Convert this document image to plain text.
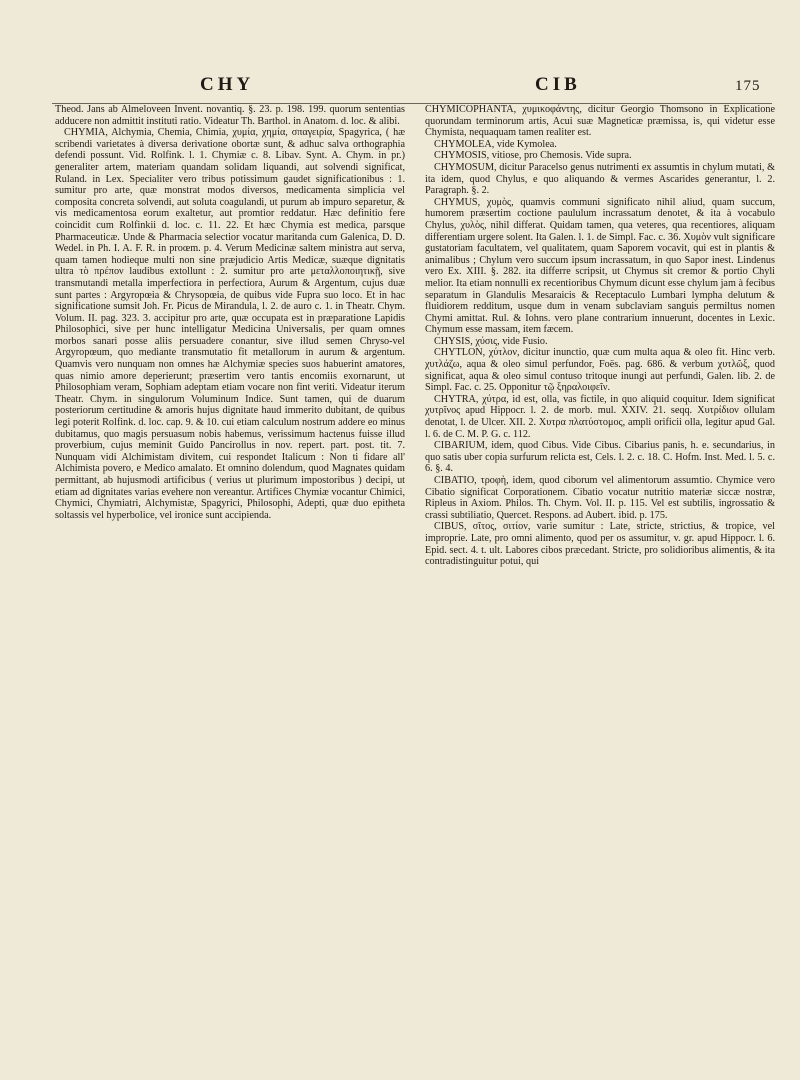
CHY	CIB	175

Theod. Jans ab Almeloveen Invent. novantiq. §. 23. p. 198. 199. quorum sententias adducere non admittit instituti ratio. Videatur Th. Barthol. in Anatom. d. loc. & alibi.

CHYMIA, Alchymia, Chemia, Chimia, χυμία, χημία, σπαγειρία, Spagyrica, ( hæ scribendi varietates à diversa derivatione obortæ sunt, & adhuc salva orthographia defendi possunt. Vid. Rolfink. l. 1. Chymiæ c. 8. Libav. Synt. A. Chym. in pr.) generaliter artem, materiam quandam solidam liquandi, aut solvendi significat, Ruland. in Lex. Specialiter vero tribus potissimum gaudet significationibus : 1. sumitur pro arte, quæ monstrat modos diversos, medicamenta simplicia vel composita concreta solvendi, aut soluta coagulandi, ut purum ab impuro separetur, & vis medicamentosa eorum exaltetur, aut promtior reddatur. Hæc definitio fere coincidit cum Rolfinkii d. loc. c. 11. 22. Et hæc Chymia est medica, parsque Pharmaceuticæ. Unde & Pharmacia selectior vocatur maritanda cum Galenica, D. D. Wedel. in Ph. I. A. F. R. in proœm. p. 4. Verum Medicinæ saltem ministra aut serva, quam tamen hodieque multi non sine præjudicio Artis Medicæ, suæque dignitatis ultra τὸ πρέπον laudibus extollunt : 2. sumitur pro arte μεταλλοποιητικῇ, sive transmutandi metalla imperfectiora in perfectiora, Aurum & Argentum, cujus duæ sunt partes : Argyropœia & Chrysopœia, de quibus vide Fupra suo loco. Et in hac significatione sumsit Joh. Fr. Picus de Mirandula, l. 2. de auro c. 1. in Theatr. Chym. Volum. II. pag. 323. 3. accipitur pro arte, quæ occupata est in præparatione Lapidis Philosophici, sive per hunc intelligatur Medicina Universalis, per quam omnes morbos sanari posse aliis persuadere conantur, sive illud semen Chryso-vel Argyropœum, quo mediante transmutatio fit metallorum in aurum & argentum. Quamvis vero nunquam non omnes hæ Alchymiæ species suos habuerint amatores, quas nimio amore deperierunt; præsertim vero tantis encomiis exornarunt, ut Philosophiam veram, Sophiam adeptam etiam vocare non fint veriti. Videatur iterum Theatr. Chym. in singulorum Voluminum Indice. Sunt tamen, qui de duarum posteriorum certitudine & amoris hujus dignitate haud immerito dubitant, de quibus legi poterit Rolfink. d. loc. cap. 9. & 10. cui etiam calculum nostrum addere eo minus dubitamus, quo magis persuasum nobis habemus, verissimum hactenus fuisse illud proverbium, cujus meminit Guido Pancirollus in nov. repert. part. post. tit. 7. Nunquam vidi Alchimistam divitem, cui respondet Italicum : Non ti fidare all' Alchimista povero, e Medico amalato. Et omnino dolendum, quod Magnates quidam permittant, ab hujusmodi artificibus ( verius ut plurimum impostoribus ) decipi, ut etiam ad dignitates varias evehere non vereantur. Artifices Chymiæ vocantur Chimici, Chymici, Chymiatri, Alchymistæ, Spagyrici, Philosophi, Adepti, quæ duo epitheta soltassis vel hyperbolice, vel ironice sunt accipienda.

CHYMICOPHANTA, χυμικοφάντης, dicitur Georgio Thomsono in Explicatione quorundam terminorum artis, Acui suæ Magneticæ præmissa, is, qui videtur esse Chymista, nequaquam tamen realiter est.

CHYMOLEA, vide Kymolea.

CHYMOSIS, vitiose, pro Chemosis. Vide supra.

CHYMOSUM, dicitur Paracelso genus nutrimenti ex assumtis in chylum mutati, & ita idem, quod Chylus, e quo aliquando & vermes Ascarides generantur, l. 2. Paragraph. §. 2.

CHYMUS, χυμὸς, quamvis communi significato nihil aliud, quam succum, humorem præsertim coctione paululum incrassatum denotet, & ita à vocabulo Chylus, χυλὸς, nihil differat. Quidam tamen, qua veteres, qua recentiores, aliquam differentiam urgere solent. Ita Galen. l. 1. de Simpl. Fac. c. 36. Χυμὸν vult significare gustatoriam facultatem, vel qualitatem, quam Saporem vocavit, qui est in plantis & animalibus ; Chylum vero succum ipsum incrassatum, in quo Sapor inest. Lindenus vero Ex. XIII. §. 282. ita differre scripsit, ut Chymus sit cremor & portio Chyli melior. Ita etiam nonnulli ex recentioribus Chymum dicunt esse chylum jam à fecibus separatum in Glandulis Mesaraicis & Receptaculo Lumbari lympha delutum & fluidiorem redditum, usque dum in venam subclaviam sanguis permiltus nomen Chymi amittat. Rul. & Iohns. vero plane contrarium innuerunt, docentes in Lexic. Chymum esse massam, item fæcem.

CHYSIS, χύσις, vide Fusio.

CHYTLON, χύτλον, dicitur inunctio, quæ cum multa aqua & oleo fit. Hinc verb. χυτλάζω, aqua & oleo simul perfundor, Foës. pag. 686. & verbum χυτλῶξ, quod significat, aqua & oleo simul contuso tritoque inungi aut perfundi, Galen. lib. 2. de Simpl. Fac. c. 25. Opponitur τῷ ξηραλοιφεῖν.

CHYTRA, χύτρα, id est, olla, vas fictile, in quo aliquid coquitur. Idem significat χυτρῖνος apud Hippocr. l. 2. de morb. mul. XXIV. 21. seqq. Χυτρίδιον ollulam denotat, l. de Ulcer. XII. 2. Χυτρα πλατύστομος, ampli orificii olla, legitur apud Gal. l. 6. de C. M. P. G. c. 112.

CIBARIUM, idem, quod Cibus. Vide Cibus. Cibarius panis, h. e. secundarius, in quo satis uber copia surfurum relicta est, Cels. l. 2. c. 18. C. Hofm. Inst. Med. l. 5. c. 6. §. 4.

CIBATIO, τροφὴ, idem, quod ciborum vel alimentorum assumtio. Chymice vero Cibatio significat Corporationem. Cibatio vocatur nutritio materiæ siccæ nostræ, Ripleus in Axiom. Philos. Th. Chym. Vol. II. p. 115. Vel est subtilis, ingrossatio & crassi subtiliatio, Quercet. Respons. ad Aubert. ibid. p. 175.

CIBUS, σῖτος, σιτίον, varie sumitur : Late, stricte, strictius, & tropice, vel improprie. Late, pro omni alimento, quod per os assumitur, v. gr. apud Hippocr. l. 6. Epid. sect. 4. t. ult. Labores cibos præcedant. Stricte, pro solidioribus alimentis, & ita contradistinguitur potui, qui
